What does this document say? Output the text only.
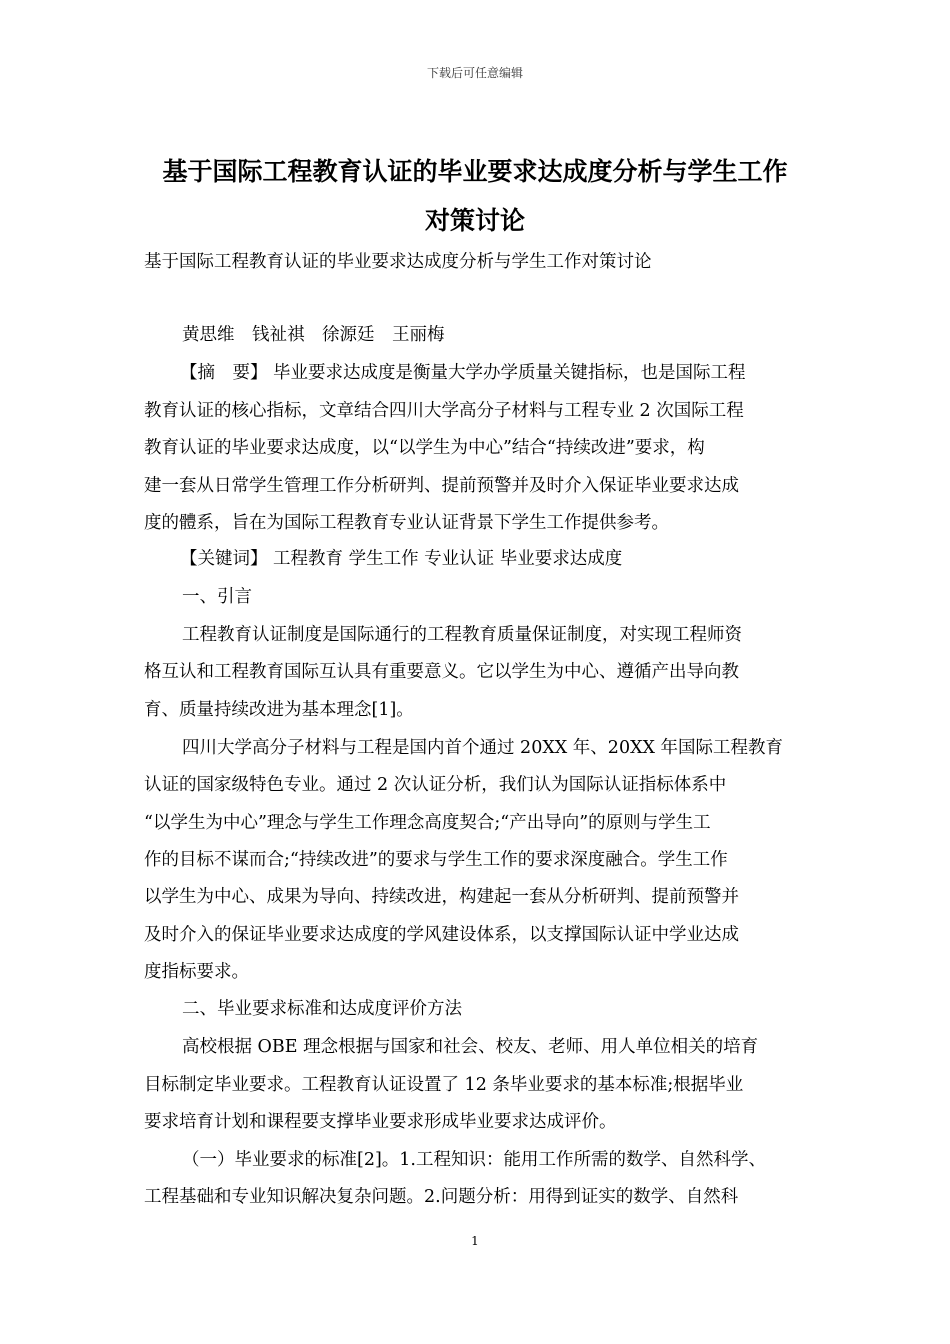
下载后可任意编辑
基于国际工程教育认证的毕业要求达成度分析与学生工作
对策讨论
基于国际工程教育认证的毕业要求达成度分析与学生工作对策讨论
黄思维　钱祉祺　徐源廷　王丽梅
【摘　要】 毕业要求达成度是衡量大学办学质量关键指标，也是国际工程
教育认证的核心指标，文章结合四川大学高分子材料与工程专业 2 次国际工程
教育认证的毕业要求达成度，以“以学生为中心”结合“持续改进”要求，构
建一套从日常学生管理工作分析研判、提前预警并及时介入保证毕业要求达成
度的體系，旨在为国际工程教育专业认证背景下学生工作提供参考。
【关键词】 工程教育 学生工作 专业认证 毕业要求达成度
一、引言
工程教育认证制度是国际通行的工程教育质量保证制度，对实现工程师资
格互认和工程教育国际互认具有重要意义。它以学生为中心、遵循产出导向教
育、质量持续改进为基本理念[1]。
四川大学高分子材料与工程是国内首个通过 20XX 年、20XX 年国际工程教育
认证的国家级特色专业。通过 2 次认证分析，我们认为国际认证指标体系中
“以学生为中心”理念与学生工作理念高度契合;“产出导向”的原则与学生工
作的目标不谋而合;“持续改进”的要求与学生工作的要求深度融合。学生工作
以学生为中心、成果为导向、持续改进，构建起一套从分析研判、提前预警并
及时介入的保证毕业要求达成度的学风建设体系，以支撑国际认证中学业达成
度指标要求。
二、毕业要求标准和达成度评价方法
高校根据 OBE 理念根据与国家和社会、校友、老师、用人单位相关的培育
目标制定毕业要求。工程教育认证设置了 12 条毕业要求的基本标准;根据毕业
要求培育计划和课程要支撑毕业要求形成毕业要求达成评价。
（一）毕业要求的标准[2]。1.工程知识：能用工作所需的数学、自然科学、
工程基础和专业知识解决复杂问题。2.问题分析：用得到证实的数学、自然科
1
